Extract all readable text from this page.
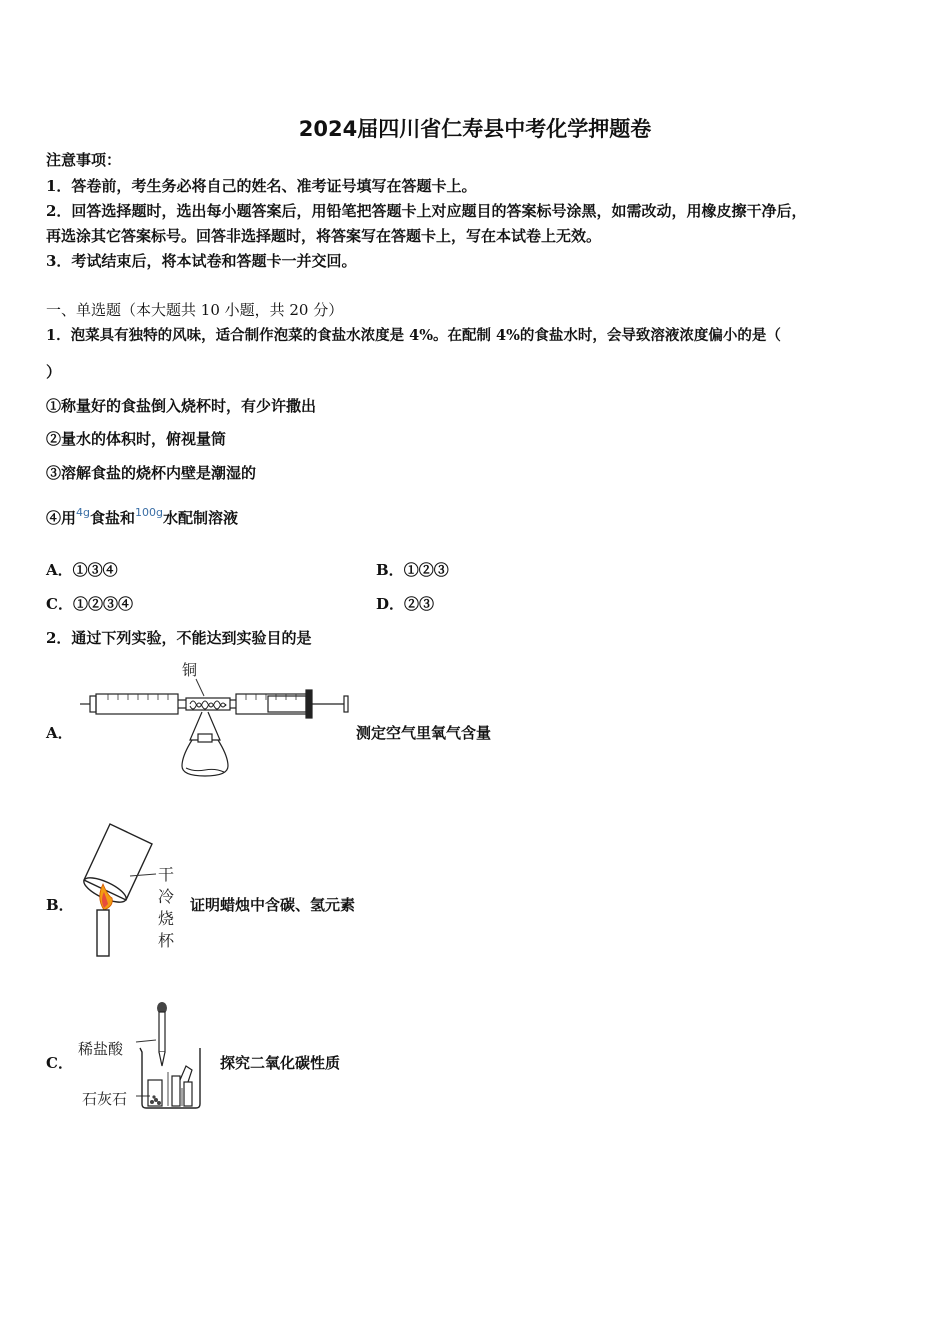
2024届四川省仁寿县中考化学押题卷
注意事项：
1．答卷前，考生务必将自己的姓名、准考证号填写在答题卡上。
2．回答选择题时，选出每小题答案后，用铅笔把答题卡上对应题目的答案标号涂黑，如需改动，用橡皮擦干净后，
再选涂其它答案标号。回答非选择题时，将答案写在答题卡上，写在本试卷上无效。
3．考试结束后，将本试卷和答题卡一并交回。
一、单选题（本大题共 10 小题，共 20 分）
1．泡菜具有独特的风味，适合制作泡菜的食盐水浓度是 4%。在配制 4%的食盐水时，会导致溶液浓度偏小的是（
）
①称量好的食盐倒入烧杯时，有少许撒出
②量水的体积时，俯视量筒
③溶解食盐的烧杯内壁是潮湿的
④用$^{4g}$食盐和$^{100g}$水配制溶液
A．①③④	B．①②③
C．①②③④	D．②③
2．通过下列实验，不能达到实验目的是
A．
铜
测定空气里氧气含量
B．
干
冷
烧
杯
证明蜡烛中含碳、氢元素
C．
稀盐酸
石灰石
探究二氧化碳性质
